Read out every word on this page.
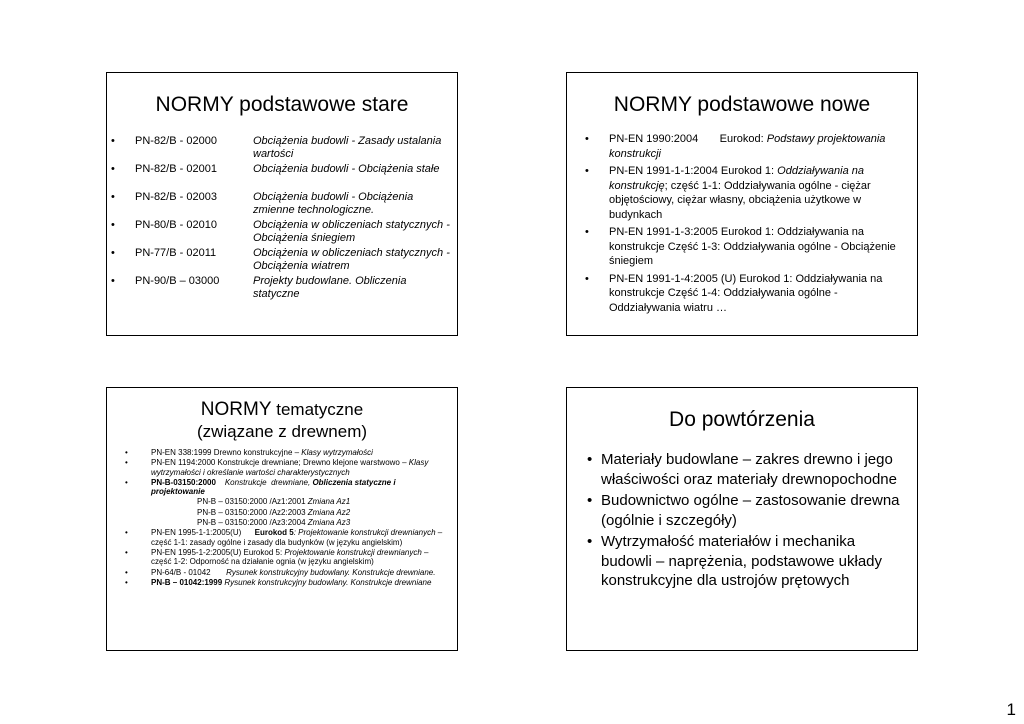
NORMY podstawowe stare
• PN-82/B - 02000	Obciążenia budowli - Zasady ustalania wartości
• PN-82/B - 02001	Obciążenia budowli - Obciążenia stałe
• PN-82/B - 02003	Obciążenia budowli - Obciążenia zmienne technologiczne.
• PN-80/B - 02010	Obciążenia w obliczeniach statycznych - Obciążenia śniegiem
• PN-77/B - 02011	Obciążenia w obliczeniach statycznych - Obciążenia wiatrem
• PN-90/B – 03000	Projekty budowlane. Obliczenia statyczne
NORMY podstawowe nowe
• PN-EN 1990:2004       Eurokod: Podstawy projektowania konstrukcji
• PN-EN 1991-1-1:2004 Eurokod 1: Oddziaływania na konstrukcję; część 1-1: Oddziaływania ogólne - ciężar objętościowy, ciężar własny, obciążenia użytkowe w budynkach
• PN-EN 1991-1-3:2005 Eurokod 1: Oddziaływania na konstrukcje Część 1-3: Oddziaływania ogólne - Obciążenie śniegiem
• PN-EN 1991-1-4:2005 (U) Eurokod 1: Oddziaływania na konstrukcje Część 1-4: Oddziaływania ogólne - Oddziaływania wiatru …
NORMY tematyczne
(związane z drewnem)
•	PN-EN 338:1999 Drewno konstrukcyjne – Klasy wytrzymałości
•	PN-EN 1194:2000 Konstrukcje drewniane; Drewno klejone warstwowo – Klasy wytrzymałości i określanie wartości charakterystycznych
•	PN-B-03150:2000    Konstrukcje  drewniane, Obliczenia statyczne i projektowanie
PN-B – 03150:2000 /Az1:2001 Zmiana Az1
PN-B – 03150:2000 /Az2:2003 Zmiana Az2
PN-B – 03150:2000 /Az3:2004 Zmiana Az3
•	PN-EN 1995-1-1:2005(U)      Eurokod 5: Projektowanie konstrukcji drewnianych – część 1-1: zasady ogólne i zasady dla budynków (w języku angielskim)
•	PN-EN 1995-1-2:2005(U) Eurokod 5: Projektowanie konstrukcji drewnianych – część 1-2: Odporność na działanie ognia (w języku angielskim)
•	PN-64/B - 01042       Rysunek konstrukcyjny budowlany. Konstrukcje drewniane.
•	PN-B – 01042:1999 Rysunek konstrukcyjny budowlany. Konstrukcje drewniane
Do powtórzenia
• Materiały budowlane – zakres drewno i jego właściwości oraz materiały drewnopochodne
• Budownictwo ogólne – zastosowanie drewna (ogólnie i szczegóły)
• Wytrzymałość materiałów i mechanika budowli – naprężenia, podstawowe układy konstrukcyjne dla ustrojów prętowych
1
